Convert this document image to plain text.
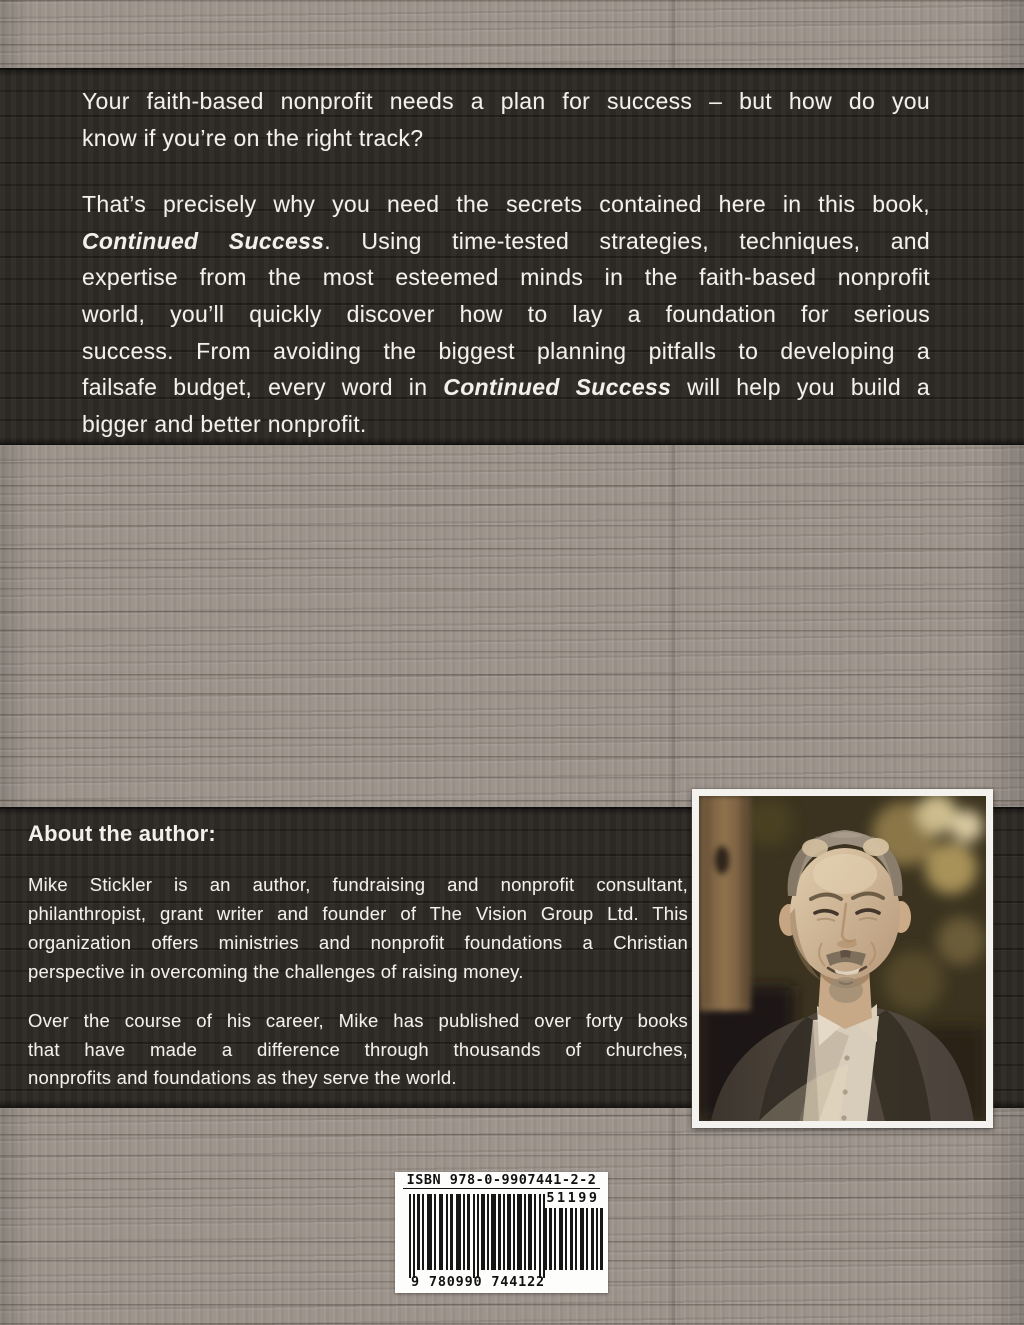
Your faith-based nonprofit needs a plan for success – but how do you
know if you’re on the right track?
That’s precisely why you need the secrets contained here in this book,
Continued Success. Using time-tested strategies, techniques, and
expertise from the most esteemed minds in the faith-based nonprofit
world, you’ll quickly discover how to lay a foundation for serious
success. From avoiding the biggest planning pitfalls to developing a
failsafe budget, every word in Continued Success will help you build a
bigger and better nonprofit.
About the author:
Mike Stickler is an author, fundraising and nonprofit consultant,
philanthropist, grant writer and founder of The Vision Group Ltd. This
organization offers ministries and nonprofit foundations a Christian
perspective in overcoming the challenges of raising money.
Over the course of his career, Mike has published over forty books
that have made a difference through thousands of churches,
nonprofits and foundations as they serve the world.
ISBN 978-0-9907441-2-2
51199
9 780990 744122
